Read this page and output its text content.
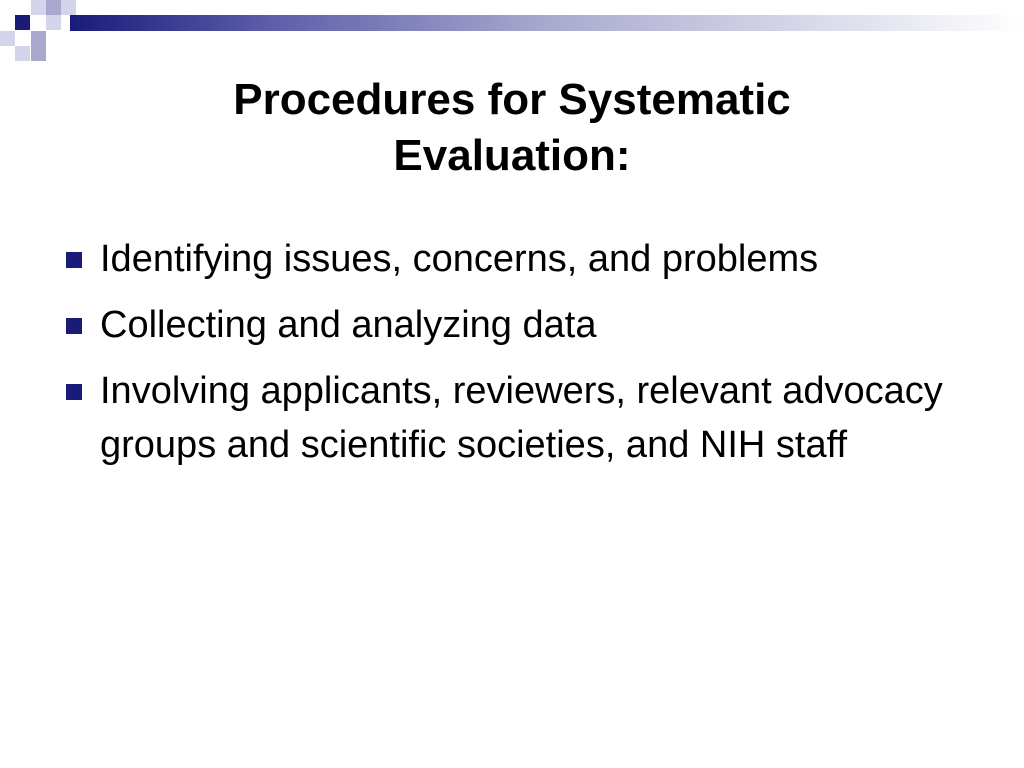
Procedures for Systematic
Evaluation:
Identifying issues, concerns, and problems
Collecting and analyzing data
Involving applicants, reviewers, relevant advocacy groups and scientific societies, and NIH staff
